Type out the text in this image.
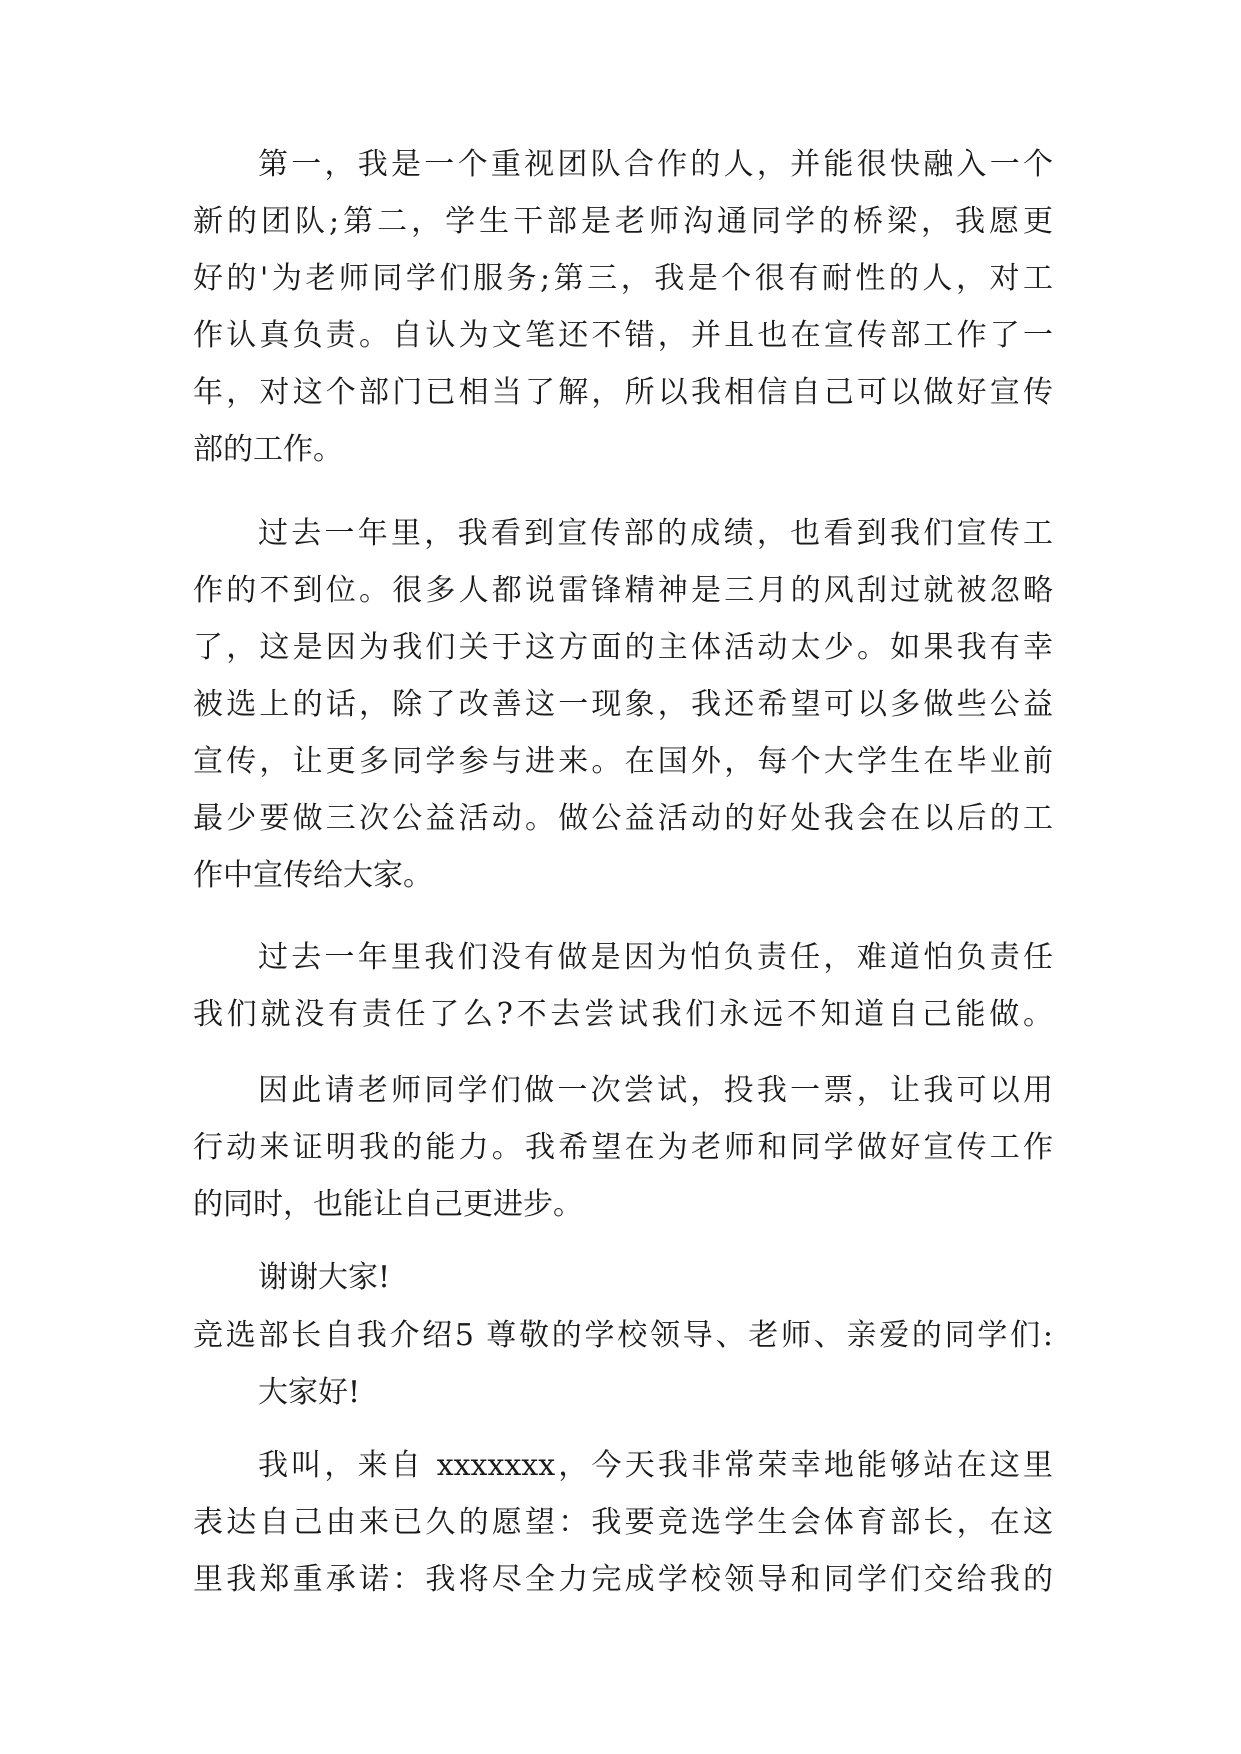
第一，我是一个重视团队合作的人，并能很快融入一个
新的团队;第二，学生干部是老师沟通同学的桥梁，我愿更
好的'为老师同学们服务;第三，我是个很有耐性的人，对工
作认真负责。自认为文笔还不错，并且也在宣传部工作了一
年，对这个部门已相当了解，所以我相信自己可以做好宣传
部的工作。
过去一年里，我看到宣传部的成绩，也看到我们宣传工
作的不到位。很多人都说雷锋精神是三月的风刮过就被忽略
了，这是因为我们关于这方面的主体活动太少。如果我有幸
被选上的话，除了改善这一现象，我还希望可以多做些公益
宣传，让更多同学参与进来。在国外，每个大学生在毕业前
最少要做三次公益活动。做公益活动的好处我会在以后的工
作中宣传给大家。
过去一年里我们没有做是因为怕负责任，难道怕负责任
我们就没有责任了么?不去尝试我们永远不知道自己能做。
因此请老师同学们做一次尝试，投我一票，让我可以用
行动来证明我的能力。我希望在为老师和同学做好宣传工作
的同时，也能让自己更进步。
谢谢大家!
竞选部长自我介绍5 尊敬的学校领导、老师、亲爱的同学们:
大家好!
我叫，来自 xxxxxxx，今天我非常荣幸地能够站在这里
表达自己由来已久的愿望：我要竞选学生会体育部长，在这
里我郑重承诺：我将尽全力完成学校领导和同学们交给我的
